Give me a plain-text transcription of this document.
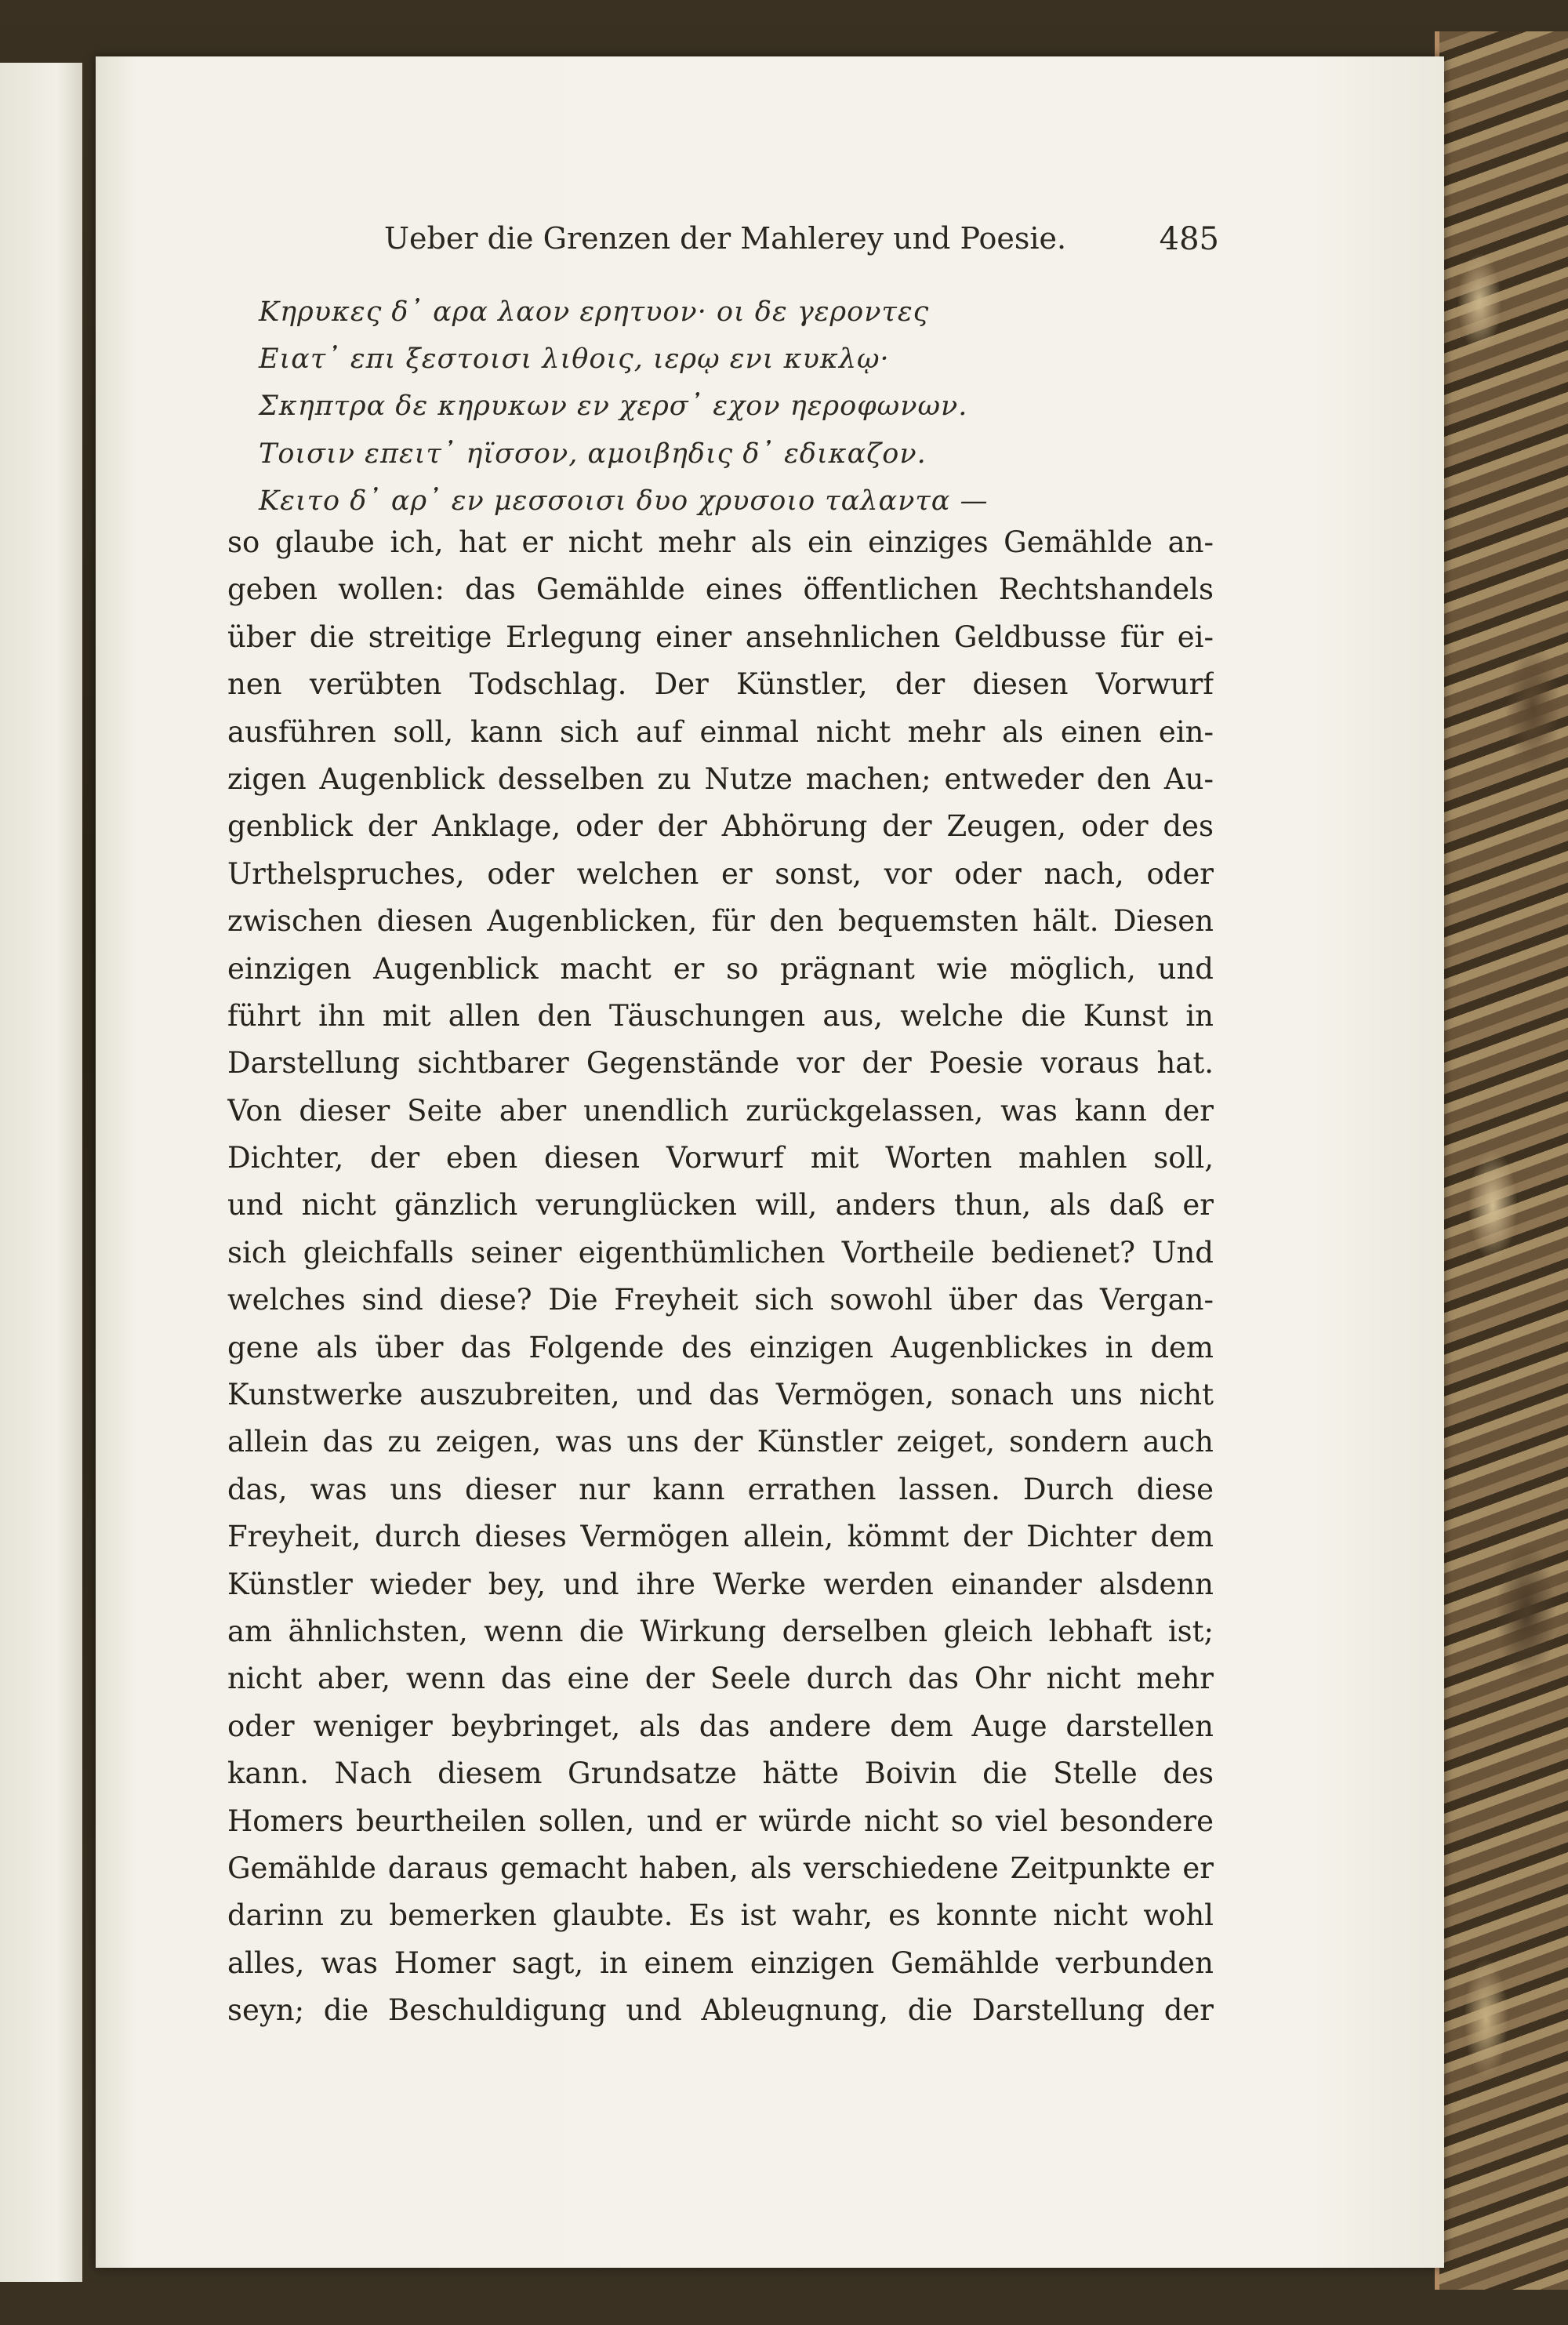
Ueber die Grenzen der Mahlerey und Poesie.	485

Κηρυκες δ᾽ αρα λαον ερητυον· οι δε γεροντες

Ειατ᾽ επι ξεστοισι λιθοις, ιερῳ ενι κυκλῳ·

Σκηπτρα δε κηρυκων εν χερσ᾽ εχον ηεροφωνων.

Τοισιν επειτ᾽ ηϊσσον, αμοιβηδις δ᾽ εδικαζον.

Κειτο δ᾽ αρ᾽ εν μεσσοισι δυο χρυσοιο ταλαντα —

so glaube ich, hat er nicht mehr als ein einziges Gemählde an-

geben wollen: das Gemählde eines öffentlichen Rechtshandels

über die streitige Erlegung einer ansehnlichen Geldbusse für ei-

nen verübten Todschlag. Der Künstler, der diesen Vorwurf

ausführen soll, kann sich auf einmal nicht mehr als einen ein-

zigen Augenblick desselben zu Nutze machen; entweder den Au-

genblick der Anklage, oder der Abhörung der Zeugen, oder des

Urthelspruches, oder welchen er sonst, vor oder nach, oder

zwischen diesen Augenblicken, für den bequemsten hält. Diesen

einzigen Augenblick macht er so prägnant wie möglich, und

führt ihn mit allen den Täuschungen aus, welche die Kunst in

Darstellung sichtbarer Gegenstände vor der Poesie voraus hat.

Von dieser Seite aber unendlich zurückgelassen, was kann der

Dichter, der eben diesen Vorwurf mit Worten mahlen soll,

und nicht gänzlich verunglücken will, anders thun, als daß er

sich gleichfalls seiner eigenthümlichen Vortheile bedienet? Und

welches sind diese? Die Freyheit sich sowohl über das Vergan-

gene als über das Folgende des einzigen Augenblickes in dem

Kunstwerke auszubreiten, und das Vermögen, sonach uns nicht

allein das zu zeigen, was uns der Künstler zeiget, sondern auch

das, was uns dieser nur kann errathen lassen. Durch diese

Freyheit, durch dieses Vermögen allein, kömmt der Dichter dem

Künstler wieder bey, und ihre Werke werden einander alsdenn

am ähnlichsten, wenn die Wirkung derselben gleich lebhaft ist;

nicht aber, wenn das eine der Seele durch das Ohr nicht mehr

oder weniger beybringet, als das andere dem Auge darstellen

kann. Nach diesem Grundsatze hätte Boivin die Stelle des

Homers beurtheilen sollen, und er würde nicht so viel besondere

Gemählde daraus gemacht haben, als verschiedene Zeitpunkte er

darinn zu bemerken glaubte. Es ist wahr, es konnte nicht wohl

alles, was Homer sagt, in einem einzigen Gemählde verbunden

seyn; die Beschuldigung und Ableugnung, die Darstellung der
